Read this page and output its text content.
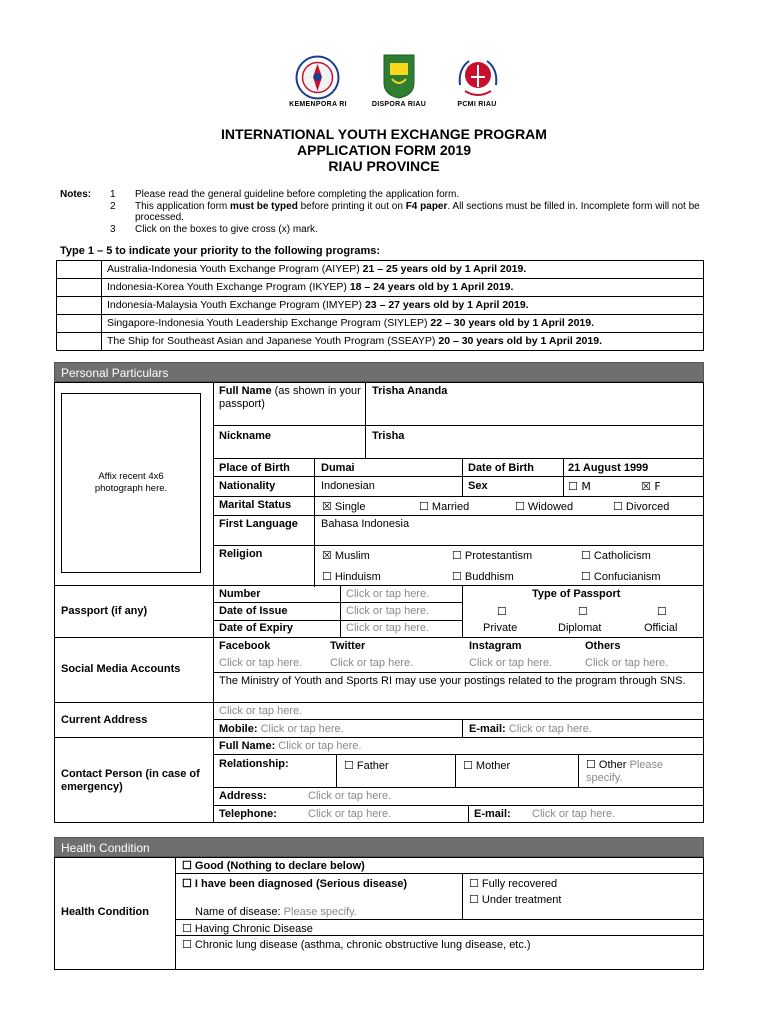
KEMENPORA RI	DISPORA RIAU	PCMI RIAU
INTERNATIONAL YOUTH EXCHANGE PROGRAM
APPLICATION FORM 2019
RIAU PROVINCE
Notes: 1 Please read the general guideline before completing the application form.
2 This application form must be typed before printing it out on F4 paper. All sections must be filled in. Incomplete form will not be processed.
3 Click on the boxes to give cross (x) mark.
Type 1 – 5 to indicate your priority to the following programs:
	Australia-Indonesia Youth Exchange Program (AIYEP) 21 – 25 years old by 1 April 2019.
	Indonesia-Korea Youth Exchange Program (IKYEP) 18 – 24 years old by 1 April 2019.
	Indonesia-Malaysia Youth Exchange Program (IMYEP) 23 – 27 years old by 1 April 2019.
	Singapore-Indonesia Youth Leadership Exchange Program (SIYLEP) 22 – 30 years old by 1 April 2019.
	The Ship for Southeast Asian and Japanese Youth Program (SSEAYP) 20 – 30 years old by 1 April 2019.
Personal Particulars
Affix recent 4x6 photograph here.
Full Name (as shown in your passport)
Trisha Ananda
Nickname	Trisha
Place of Birth	Dumai	Date of Birth	21 August 1999
Nationality	Indonesian	Sex	☐ M	☒ F
Marital Status	☒ Single	☐ Married	☐ Widowed	☐ Divorced
First Language Bahasa Indonesia
Religion	☒ Muslim	☐ Protestantism	☐ Catholicism
☐ Hinduism	☐ Buddhism	☐ Confucianism
Passport (if any)
Number	Click or tap here.
Date of Issue	Click or tap here.
Date of Expiry	Click or tap here.
Type of Passport
☐	☐	☐
Private	Diplomat	Official
Social Media Accounts
Facebook	Twitter	Instagram	Others
Click or tap here.	Click or tap here.	Click or tap here.	Click or tap here.
The Ministry of Youth and Sports RI may use your postings related to the program through SNS.
Current Address
Click or tap here.
Mobile: Click or tap here.	E-mail: Click or tap here.
Contact Person (in case of emergency)
Full Name: Click or tap here.
Relationship:	☐ Father	☐ Mother	☐ Other Please specify.
Address:	Click or tap here.
Telephone:	Click or tap here.	E-mail: Click or tap here.
Health Condition
Health Condition
☐ Good (Nothing to declare below)
☐ I have been diagnosed (Serious disease)
Name of disease: Please specify.
☐ Fully recovered
☐ Under treatment
☐ Having Chronic Disease
☐ Chronic lung disease (asthma, chronic obstructive lung disease, etc.)
